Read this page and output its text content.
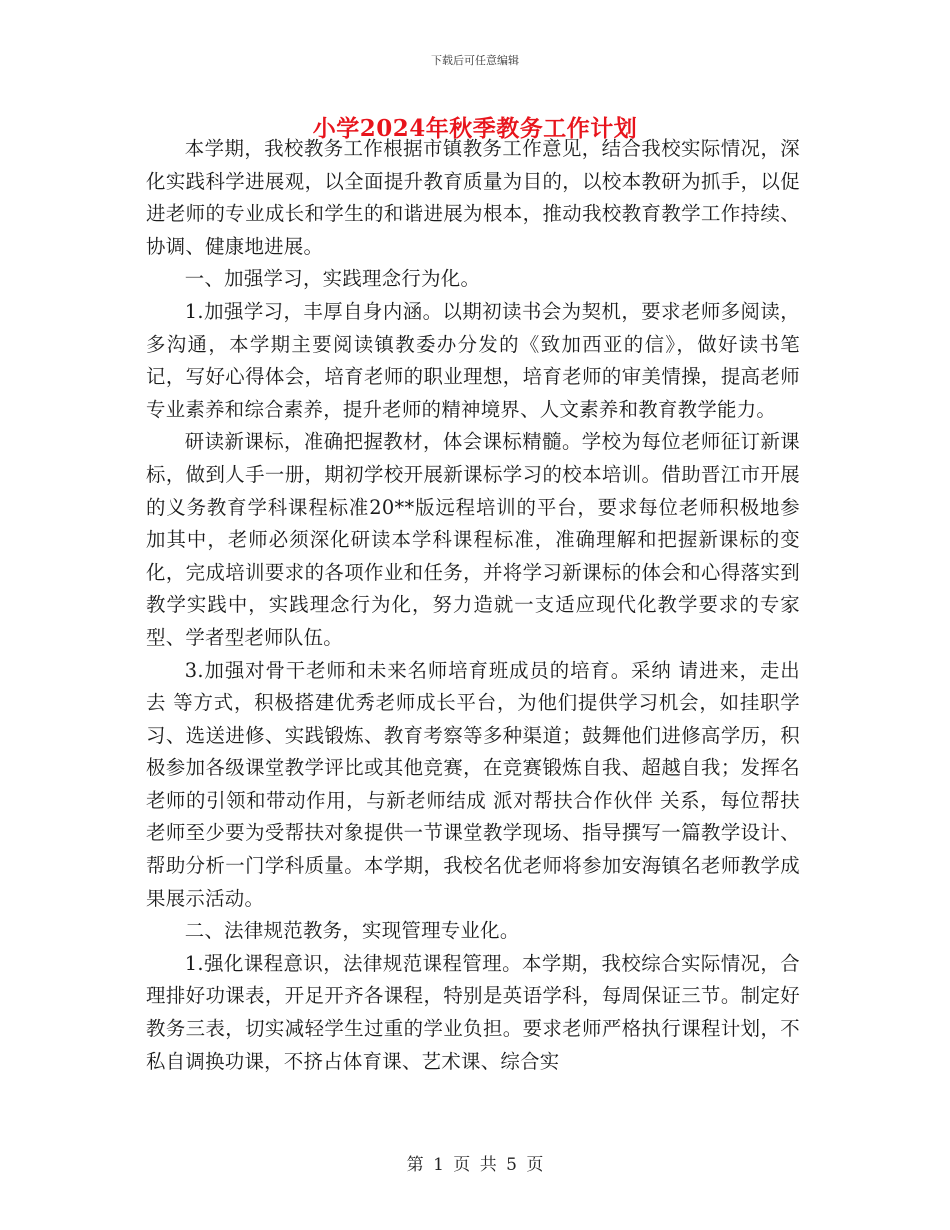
下载后可任意编辑
小学2024年秋季教务工作计划

本学期，我校教务工作根据市镇教务工作意见，结合我校实际情况，深化实践科学进展观，以全面提升教育质量为目的，以校本教研为抓手，以促进老师的专业成长和学生的和谐进展为根本，推动我校教育教学工作持续、协调、健康地进展。

一、加强学习，实践理念行为化。

1.加强学习，丰厚自身内涵。以期初读书会为契机，要求老师多阅读，多沟通，本学期主要阅读镇教委办分发的《致加西亚的信》，做好读书笔记，写好心得体会，培育老师的职业理想，培育老师的审美情操，提高老师专业素养和综合素养，提升老师的精神境界、人文素养和教育教学能力。

研读新课标，准确把握教材，体会课标精髓。学校为每位老师征订新课标，做到人手一册，期初学校开展新课标学习的校本培训。借助晋江市开展的义务教育学科课程标准20**版远程培训的平台，要求每位老师积极地参加其中，老师必须深化研读本学科课程标准，准确理解和把握新课标的变化，完成培训要求的各项作业和任务，并将学习新课标的体会和心得落实到教学实践中，实践理念行为化，努力造就一支适应现代化教学要求的专家型、学者型老师队伍。

3.加强对骨干老师和未来名师培育班成员的培育。采纳 请进来，走出去 等方式，积极搭建优秀老师成长平台，为他们提供学习机会，如挂职学习、选送进修、实践锻炼、教育考察等多种渠道；鼓舞他们进修高学历，积极参加各级课堂教学评比或其他竞赛，在竞赛锻炼自我、超越自我；发挥名老师的引领和带动作用，与新老师结成 派对帮扶合作伙伴 关系，每位帮扶老师至少要为受帮扶对象提供一节课堂教学现场、指导撰写一篇教学设计、帮助分析一门学科质量。本学期，我校名优老师将参加安海镇名老师教学成果展示活动。

二、法律规范教务，实现管理专业化。

1.强化课程意识，法律规范课程管理。本学期，我校综合实际情况，合理排好功课表，开足开齐各课程，特别是英语学科，每周保证三节。制定好教务三表，切实减轻学生过重的学业负担。要求老师严格执行课程计划，不私自调换功课，不挤占体育课、艺术课、综合实

第 1 页 共 5 页
